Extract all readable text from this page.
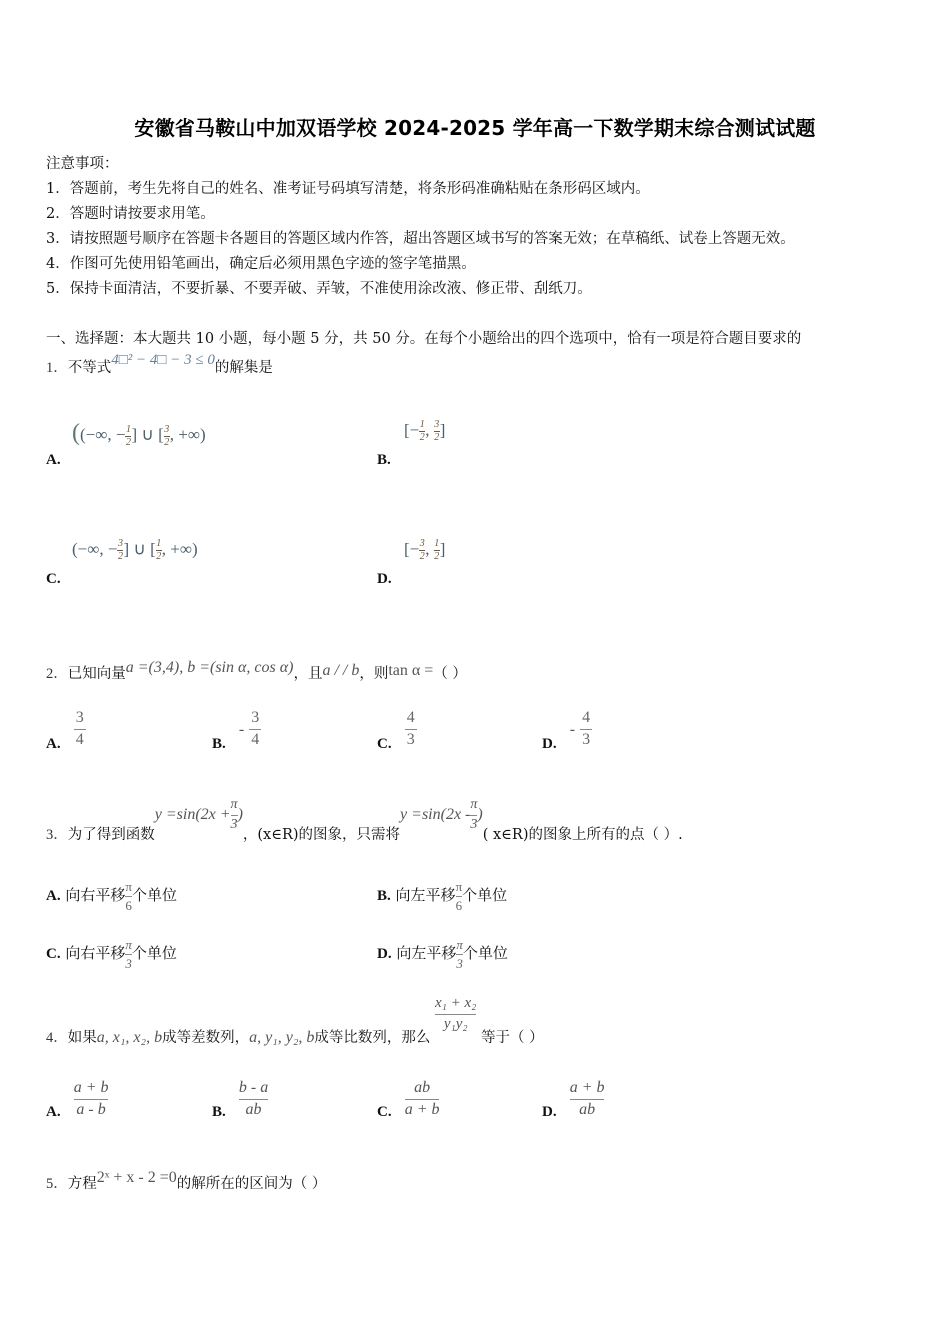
安徽省马鞍山中加双语学校 2024-2025 学年高一下数学期末综合测试试题
注意事项：
1．答题前，考生先将自己的姓名、准考证号码填写清楚，将条形码准确粘贴在条形码区域内。
2．答题时请按要求用笔。
3．请按照题号顺序在答题卡各题目的答题区域内作答，超出答题区域书写的答案无效；在草稿纸、试卷上答题无效。
4．作图可先使用铅笔画出，确定后必须用黑色字迹的签字笔描黑。
5．保持卡面清洁，不要折暴、不要弄破、弄皱，不准使用涂改液、修正带、刮纸刀。
一、选择题：本大题共 10 小题，每小题 5 分，共 50 分。在每个小题给出的四个选项中，恰有一项是符合题目要求的
1．不等式4□² − 4□ − 3 ≤ 0的解集是
A.
((−∞, − $\frac{1}{2}$ ] ∪ [ $\frac{3}{2}$ , +∞)
B.
[− $\frac{1}{2}$ , $\frac{3}{2}$ ]
C.
(−∞, − $\frac{3}{2}$ ] ∪ [ $\frac{1}{2}$ , +∞)
D.
[− $\frac{3}{2}$ , $\frac{1}{2}$ ]
2．已知向量a =(3,4), b =(sin α, cos α)，且a / / b，则tan α =（ ）
A. $\frac{3}{4}$	B. - $\frac{3}{4}$	C. $\frac{4}{3}$	D. - $\frac{4}{3}$
3．为了得到函数$y =\sin(2x + \frac{\pi}{3}$ )，(x∈R)的图象，只需将$y =\sin(2x - \frac{\pi}{3}$ )( x∈R)的图象上所有的点（ ）.
A. 向右平移 $\frac{\pi}{6}$ 个单位	B. 向左平移 $\frac{\pi}{6}$ 个单位
C. 向右平移 $\frac{\pi}{3}$ 个单位	D. 向左平移 $\frac{\pi}{3}$ 个单位
4．如果a, x₁, x₂, b成等差数列，a, y₁, y₂, b成等比数列，那么
$\frac{\text{x₁ + x₂}}{\text{y₁y₂}}$
等于（ ）
A. $\frac{a + b}{a - b}$	B. $\frac{b - a}{ab}$	C. $\frac{ab}{a + b}$	D. $\frac{a + b}{ab}$
5．方程2ˣ + x - 2 =0的解所在的区间为（ ）
